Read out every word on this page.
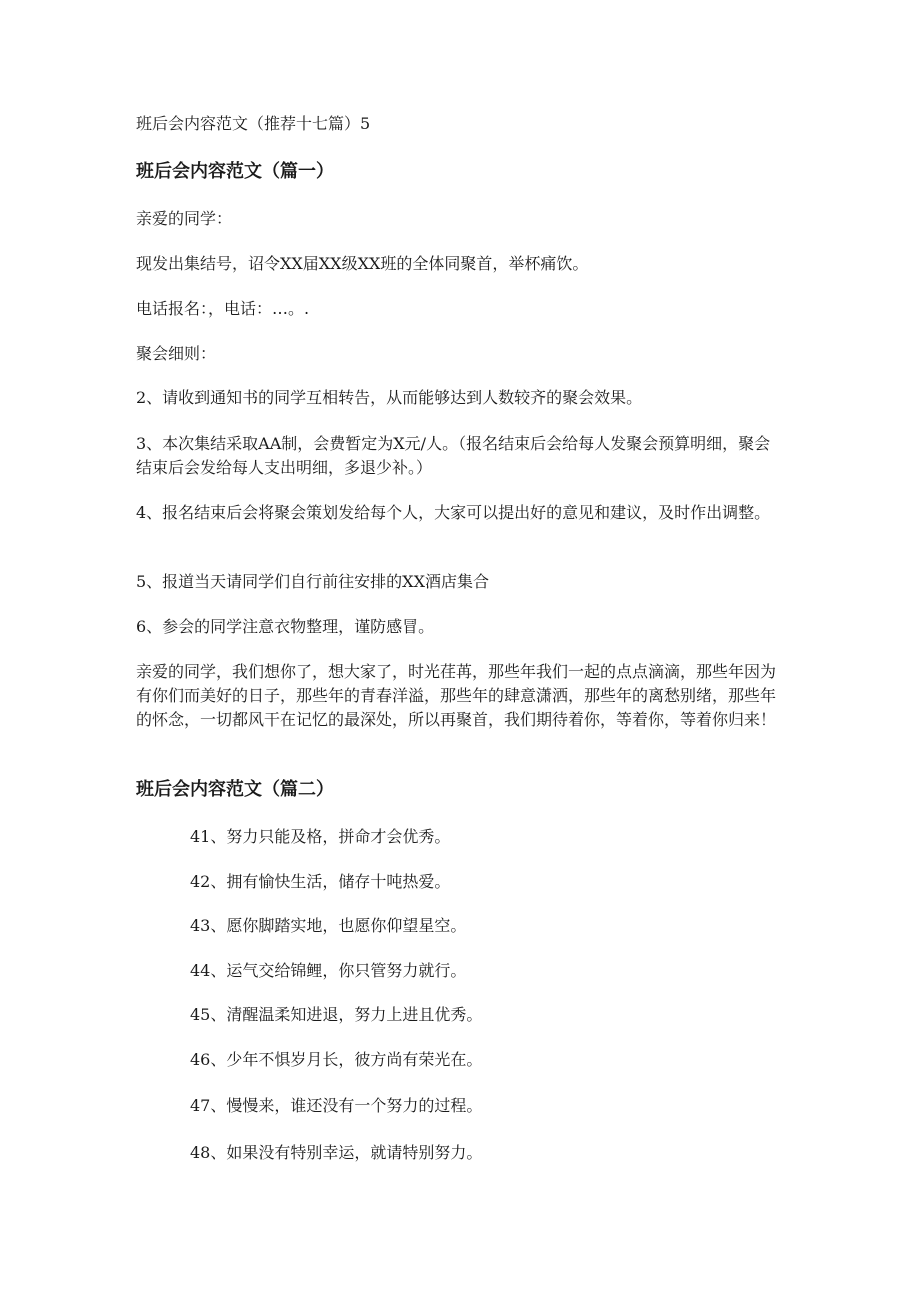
班后会内容范文（推荐十七篇）5
班后会内容范文（篇一）
亲爱的同学：
现发出集结号，诏令XX届XX级XX班的全体同聚首，举杯痛饮。
电话报名：，电话：…。.
聚会细则：
2、请收到通知书的同学互相转告，从而能够达到人数较齐的聚会效果。
3、本次集结采取AA制，会费暂定为X元/人。（报名结束后会给每人发聚会预算明细，聚会结束后会发给每人支出明细，多退少补。）
4、报名结束后会将聚会策划发给每个人，大家可以提出好的意见和建议，及时作出调整。
5、报道当天请同学们自行前往安排的XX酒店集合
6、参会的同学注意衣物整理，谨防感冒。
亲爱的同学，我们想你了，想大家了，时光荏苒，那些年我们一起的点点滴滴，那些年因为有你们而美好的日子，那些年的青春洋溢，那些年的肆意潇洒，那些年的离愁别绪，那些年的怀念，一切都风干在记忆的最深处，所以再聚首，我们期待着你，等着你，等着你归来！
班后会内容范文（篇二）
41、努力只能及格，拼命才会优秀。
42、拥有愉快生活，储存十吨热爱。
43、愿你脚踏实地，也愿你仰望星空。
44、运气交给锦鲤，你只管努力就行。
45、清醒温柔知进退，努力上进且优秀。
46、少年不惧岁月长，彼方尚有荣光在。
47、慢慢来，谁还没有一个努力的过程。
48、如果没有特别幸运，就请特别努力。
